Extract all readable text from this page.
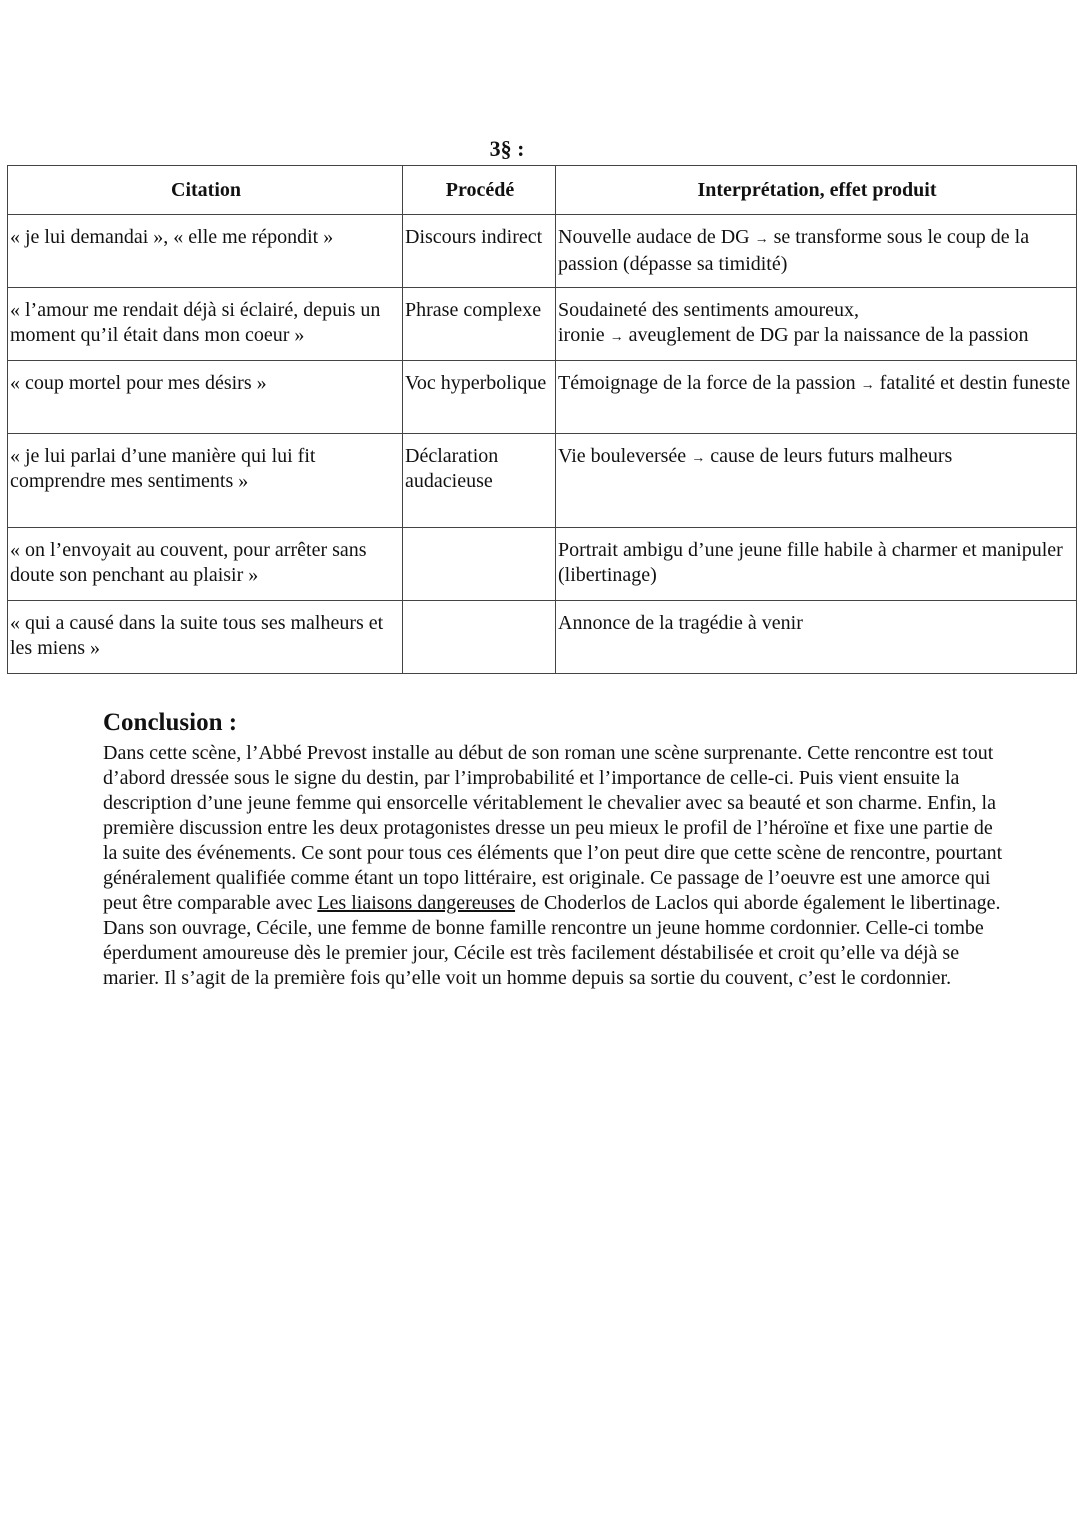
3§ :
Citation	Procédé	Interprétation, effet produit
« je lui demandai », « elle me répondit »	Discours indirect	Nouvelle audace de DG → se transforme sous le coup de la passion (dépasse sa timidité)
« l’amour me rendait déjà si éclairé, depuis un moment qu’il était dans mon coeur »	Phrase complexe	Soudaineté des sentiments amoureux,
ironie → aveuglement de DG par la naissance de la passion
« coup mortel pour mes désirs »	Voc hyperbolique	Témoignage de la force de la passion → fatalité et destin funeste
« je lui parlai d’une manière qui lui fit comprendre mes sentiments »	Déclaration audacieuse	Vie bouleversée → cause de leurs futurs malheurs
« on l’envoyait au couvent, pour arrêter sans doute son penchant au plaisir »		Portrait ambigu d’une jeune fille habile à charmer et manipuler (libertinage)
« qui a causé dans la suite tous ses malheurs et les miens »		Annonce de la tragédie à venir
Conclusion :

Dans cette scène, l’Abbé Prevost installe au début de son roman une scène surprenante. Cette rencontre est tout d’abord dressée sous le signe du destin, par l’improbabilité et l’importance de celle-ci. Puis vient ensuite la description d’une jeune femme qui ensorcelle véritablement le chevalier avec sa beauté et son charme. Enfin, la première discussion entre les deux protagonistes dresse un peu mieux le profil de l’héroïne et fixe une partie de la suite des événements. Ce sont pour tous ces éléments que l’on peut dire que cette scène de rencontre, pourtant généralement qualifiée comme étant un topo littéraire, est originale. Ce passage de l’oeuvre est une amorce qui peut être comparable avec Les liaisons dangereuses de Choderlos de Laclos qui aborde également le libertinage. Dans son ouvrage, Cécile, une femme de bonne famille rencontre un jeune homme cordonnier. Celle-ci tombe éperdument amoureuse dès le premier jour, Cécile est très facilement déstabilisée et croit qu’elle va déjà se marier. Il s’agit de la première fois qu’elle voit un homme depuis sa sortie du couvent, c’est le cordonnier.
